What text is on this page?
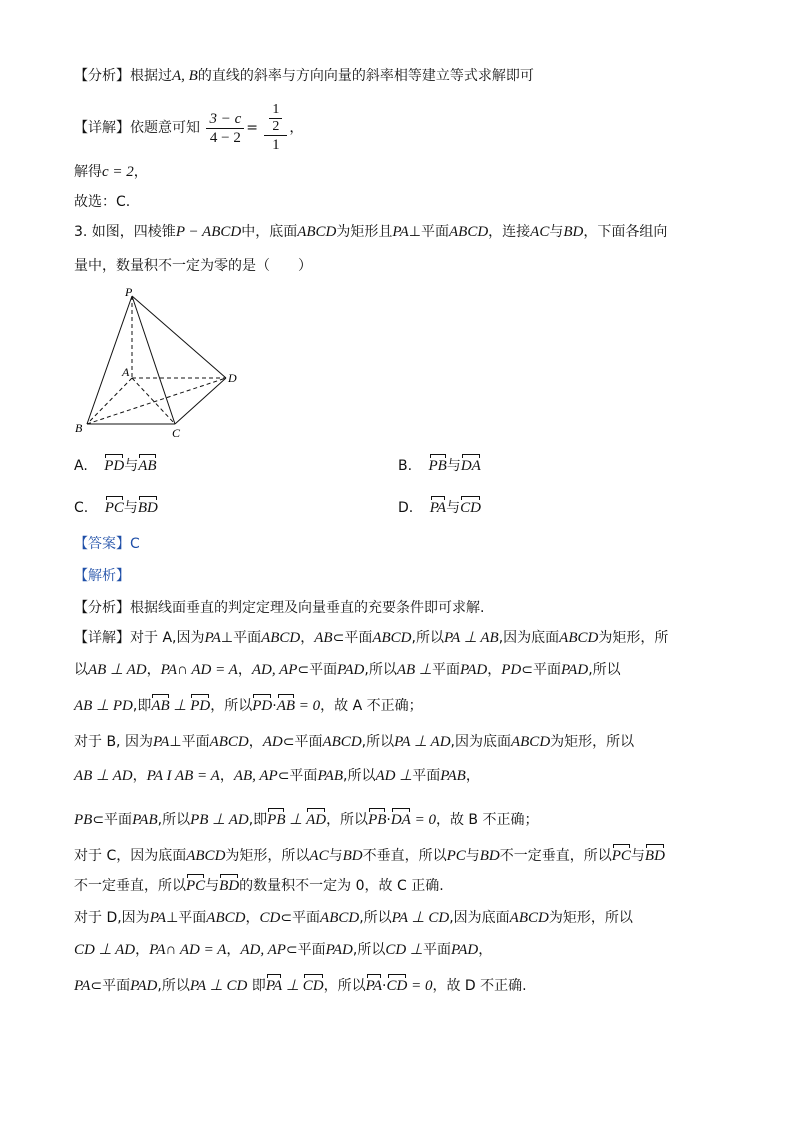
【分析】根据过A, B的直线的斜率与方向向量的斜率相等建立等式求解即可
【详解】依题意可知 $\frac{3 - c}{4 - 2} = \frac{\frac{1}{2}}{1}$ ，
解得c = 2，
故选：C.
3. 如图，四棱锥P − ABCD中，底面ABCD为矩形且PA⊥平面ABCD，连接AC与BD，下面各组向
量中，数量积不一定为零的是（　　）
P
A
B	C
D
A. PD与AB	B. PB与DA
C. PC与BD	D. PA与CD
【答案】C
【解析】
【分析】根据线面垂直的判定定理及向量垂直的充要条件即可求解.
【详解】对于 A,因为PA⊥平面ABCD，AB⊂平面ABCD,所以PA ⊥ AB,因为底面ABCD为矩形，所
以AB ⊥ AD，PA∩ AD = A，AD, AP⊂平面PAD,所以AB ⊥平面PAD，PD⊂平面PAD,所以
AB ⊥ PD,即AB ⊥ PD，所以PD·AB = 0，故 A 不正确；
对于 B, 因为PA⊥平面ABCD，AD⊂平面ABCD,所以PA ⊥ AD,因为底面ABCD为矩形，所以
AB ⊥ AD，PA I AB = A，AB, AP⊂平面PAB,所以AD ⊥平面PAB，
PB⊂平面PAB,所以PB ⊥ AD,即PB ⊥ AD，所以PB·DA = 0，故 B 不正确；
对于 C，因为底面ABCD为矩形，所以AC与BD不垂直，所以PC与BD不一定垂直，所以PC与BD
不一定垂直，所以PC与BD的数量积不一定为 0，故 C 正确.
对于 D,因为PA⊥平面ABCD，CD⊂平面ABCD,所以PA ⊥ CD,因为底面ABCD为矩形，所以
CD ⊥ AD，PA∩ AD = A，AD, AP⊂平面PAD,所以CD ⊥平面PAD，
PA⊂平面PAD,所以PA ⊥ CD 即PA ⊥ CD，所以PA·CD = 0，故 D 不正确.
